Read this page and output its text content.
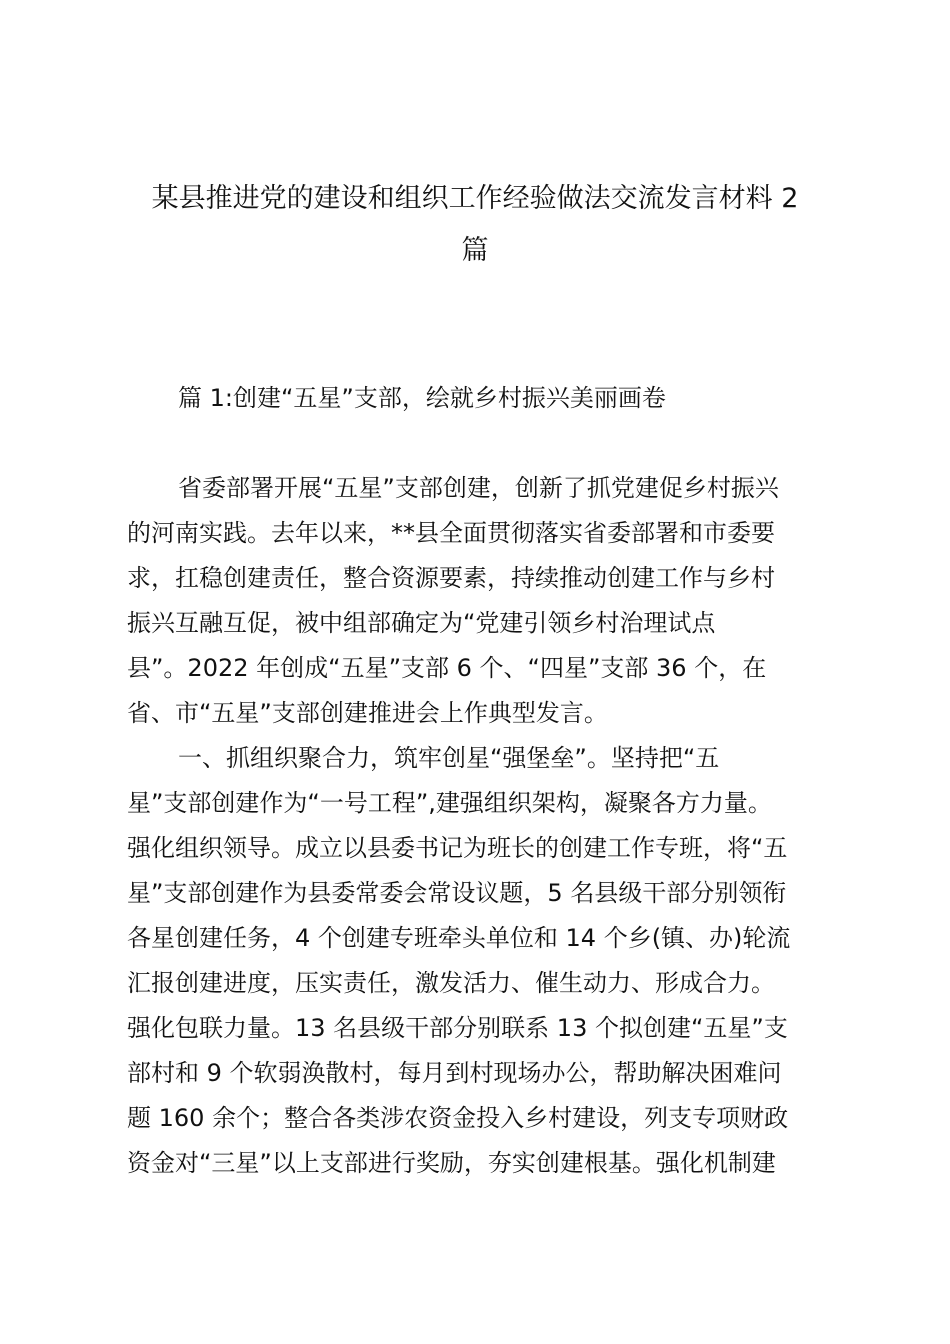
某县推进党的建设和组织工作经验做法交流发言材料 2
篇
篇 1:创建“五星”支部，绘就乡村振兴美丽画卷
省委部署开展“五星”支部创建，创新了抓党建促乡村振兴
的河南实践。去年以来，**县全面贯彻落实省委部署和市委要
求，扛稳创建责任，整合资源要素，持续推动创建工作与乡村
振兴互融互促，被中组部确定为“党建引领乡村治理试点
县”。2022 年创成“五星”支部 6 个、“四星”支部 36 个，在
省、市“五星”支部创建推进会上作典型发言。
一、抓组织聚合力，筑牢创星“强堡垒”。坚持把“五
星”支部创建作为“一号工程”,建强组织架构，凝聚各方力量。
强化组织领导。成立以县委书记为班长的创建工作专班，将“五
星”支部创建作为县委常委会常设议题，5 名县级干部分别领衔
各星创建任务，4 个创建专班牵头单位和 14 个乡(镇、办)轮流
汇报创建进度，压实责任，激发活力、催生动力、形成合力。
强化包联力量。13 名县级干部分别联系 13 个拟创建“五星”支
部村和 9 个软弱涣散村，每月到村现场办公，帮助解决困难问
题 160 余个；整合各类涉农资金投入乡村建设，列支专项财政
资金对“三星”以上支部进行奖励，夯实创建根基。强化机制建
